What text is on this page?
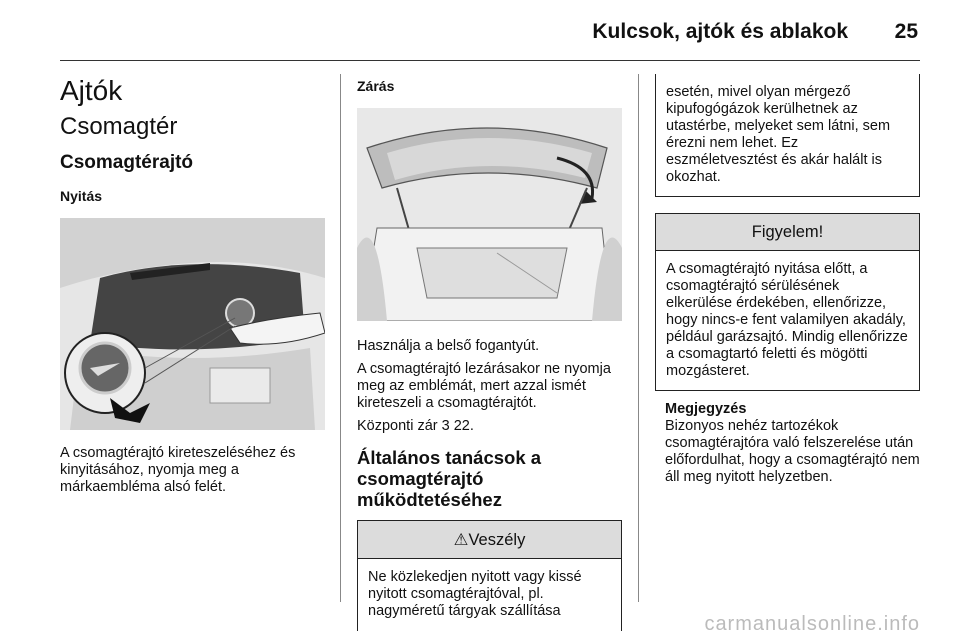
Kulcsok, ajtók és ablakok 25
Ajtók
Csomagtér
Csomagtérajtó
Nyitás

A csomagtérajtó kireteszeléséhez és kinyitásához, nyomja meg a márkaembléma alsó felét.

Zárás

Használja a belső fogantyút.

A csomagtérajtó lezárásakor ne nyomja meg az emblémát, mert azzal ismét kireteszeli a csomagtérajtót.

Központi zár 3 22.

Általános tanácsok a csomagtérajtó működtetéséhez
⚠Veszély
Ne közlekedjen nyitott vagy kissé nyitott csomagtérajtóval, pl. nagyméretű tárgyak szállítása
esetén, mivel olyan mérgező kipufogógázok kerülhetnek az utastérbe, melyeket sem látni, sem érezni nem lehet. Ez eszméletvesztést és akár halált is okozhat.
Figyelem!
A csomagtérajtó nyitása előtt, a csomagtérajtó sérülésének elkerülése érdekében, ellenőrizze, hogy nincs-e fent valamilyen akadály, például garázsajtó. Mindig ellenőrizze a csomagtartó feletti és mögötti mozgásteret.
Megjegyzés
Bizonyos nehéz tartozékok csomagtérajtóra való felszerelése után előfordulhat, hogy a csomagtérajtó nem áll meg nyitott helyzetben.
carmanualsonline.info
